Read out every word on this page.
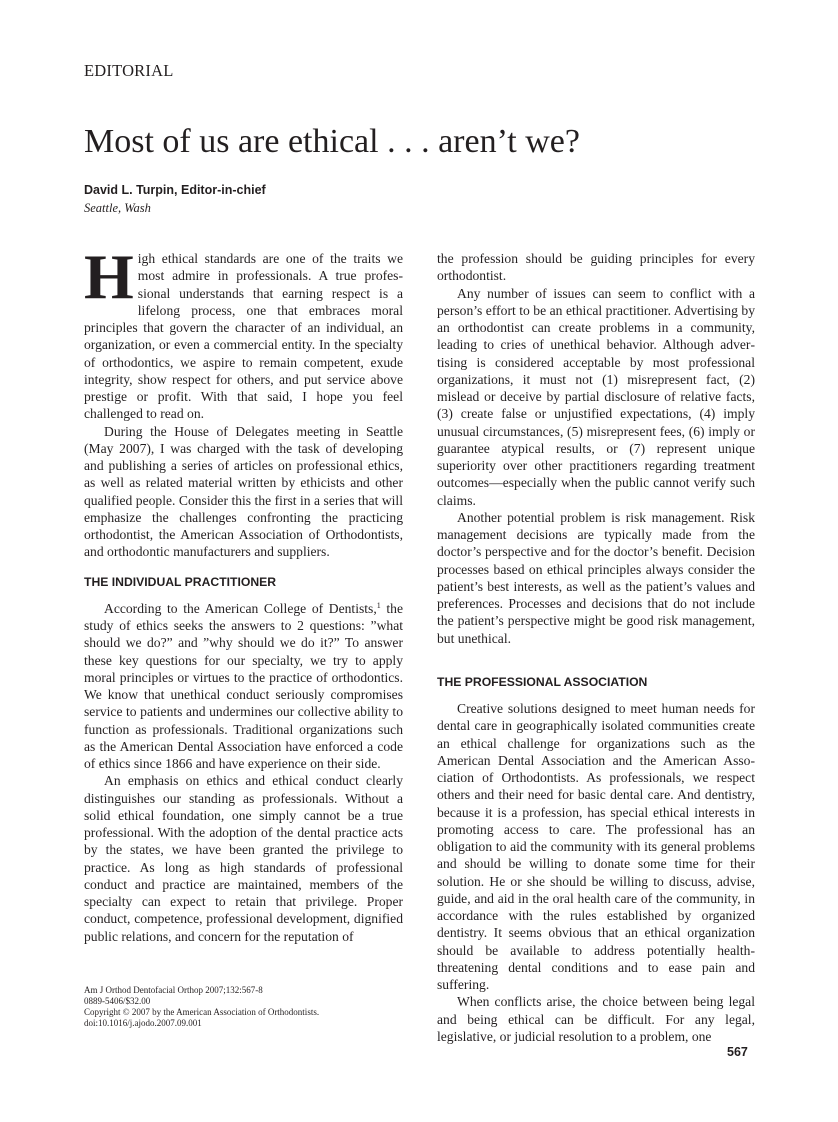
EDITORIAL
Most of us are ethical . . . aren’t we?
David L. Turpin, Editor-in-chief
Seattle, Wash

High ethical standards are one of the traits we most admire in professionals. A true professional understands that earning respect is a lifelong process, one that embraces moral principles that govern the character of an individual, an organization, or even a commercial entity. In the specialty of orthodontics, we aspire to remain competent, exude integrity, show respect for others, and put service above prestige or profit. With that said, I hope you feel challenged to read on.

During the House of Delegates meeting in Seattle (May 2007), I was charged with the task of developing and publishing a series of articles on professional ethics, as well as related material written by ethicists and other qualified people. Consider this the first in a series that will emphasize the challenges confronting the practicing orthodontist, the American Association of Orthodontists, and orthodontic manufacturers and suppliers.

THE INDIVIDUAL PRACTITIONER

According to the American College of Dentists,$^1$ the study of ethics seeks the answers to 2 questions: ”what should we do?” and ”why should we do it?” To answer these key questions for our specialty, we try to apply moral principles or virtues to the practice of orthodontics. We know that unethical conduct seriously compromises service to patients and undermines our collective ability to function as professionals. Traditional organizations such as the American Dental Association have enforced a code of ethics since 1866 and have experience on their side.

An emphasis on ethics and ethical conduct clearly distinguishes our standing as professionals. Without a solid ethical foundation, one simply cannot be a true professional. With the adoption of the dental practice acts by the states, we have been granted the privilege to practice. As long as high standards of professional conduct and practice are maintained, members of the specialty can expect to retain that privilege. Proper conduct, competence, professional development, dignified public relations, and concern for the reputation of

the profession should be guiding principles for every orthodontist.

Any number of issues can seem to conflict with a person’s effort to be an ethical practitioner. Advertising by an orthodontist can create problems in a community, leading to cries of unethical behavior. Although advertising is considered acceptable by most professional organizations, it must not (1) misrepresent fact, (2) mislead or deceive by partial disclosure of relative facts, (3) create false or unjustified expectations, (4) imply unusual circumstances, (5) misrepresent fees, (6) imply or guarantee atypical results, or (7) represent unique superiority over other practitioners regarding treatment outcomes—especially when the public cannot verify such claims.

Another potential problem is risk management. Risk management decisions are typically made from the doctor’s perspective and for the doctor’s benefit. Decision processes based on ethical principles always consider the patient’s best interests, as well as the patient’s values and preferences. Processes and decisions that do not include the patient’s perspective might be good risk management, but unethical.

THE PROFESSIONAL ASSOCIATION

Creative solutions designed to meet human needs for dental care in geographically isolated communities create an ethical challenge for organizations such as the American Dental Association and the American Association of Orthodontists. As professionals, we respect others and their need for basic dental care. And dentistry, because it is a profession, has special ethical interests in promoting access to care. The professional has an obligation to aid the community with its general problems and should be willing to donate some time for their solution. He or she should be willing to discuss, advise, guide, and aid in the oral health care of the community, in accordance with the rules established by organized dentistry. It seems obvious that an ethical organization should be available to address potentially health-threatening dental conditions and to ease pain and suffering.

When conflicts arise, the choice between being legal and being ethical can be difficult. For any legal, legislative, or judicial resolution to a problem, one

Am J Orthod Dentofacial Orthop 2007;132:567-8
0889-5406/$32.00
Copyright © 2007 by the American Association of Orthodontists.
doi:10.1016/j.ajodo.2007.09.001
567
